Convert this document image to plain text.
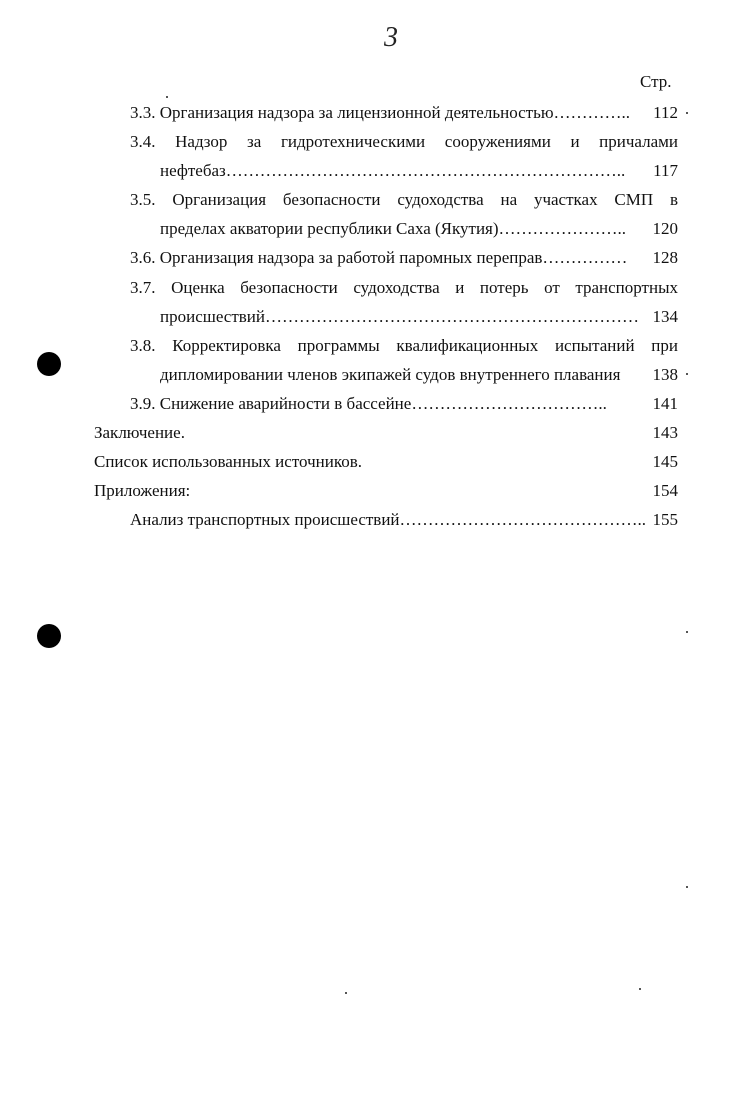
3
Стр.
3.3. Организация надзора за лицензионной деятельностью………….. 112
3.4. Надзор за гидротехническими сооружениями и причалами
нефтебаз…………………………………………………………….. 117
3.5. Организация безопасности судоходства на участках СМП в
пределах акватории республики Саха (Якутия)………………….. 120
3.6. Организация надзора за работой паромных переправ…………… 128
3.7. Оценка безопасности судоходства и потерь от транспортных
происшествий………………………………………………………… 134
3.8. Корректировка программы квалификационных испытаний при
дипломировании членов экипажей судов внутреннего плавания 138
3.9. Снижение аварийности в бассейне……………………………..	141
Заключение.	143
Список использованных источников.	145
Приложения:	154
Анализ транспортных происшествий…………………………………….. 155
